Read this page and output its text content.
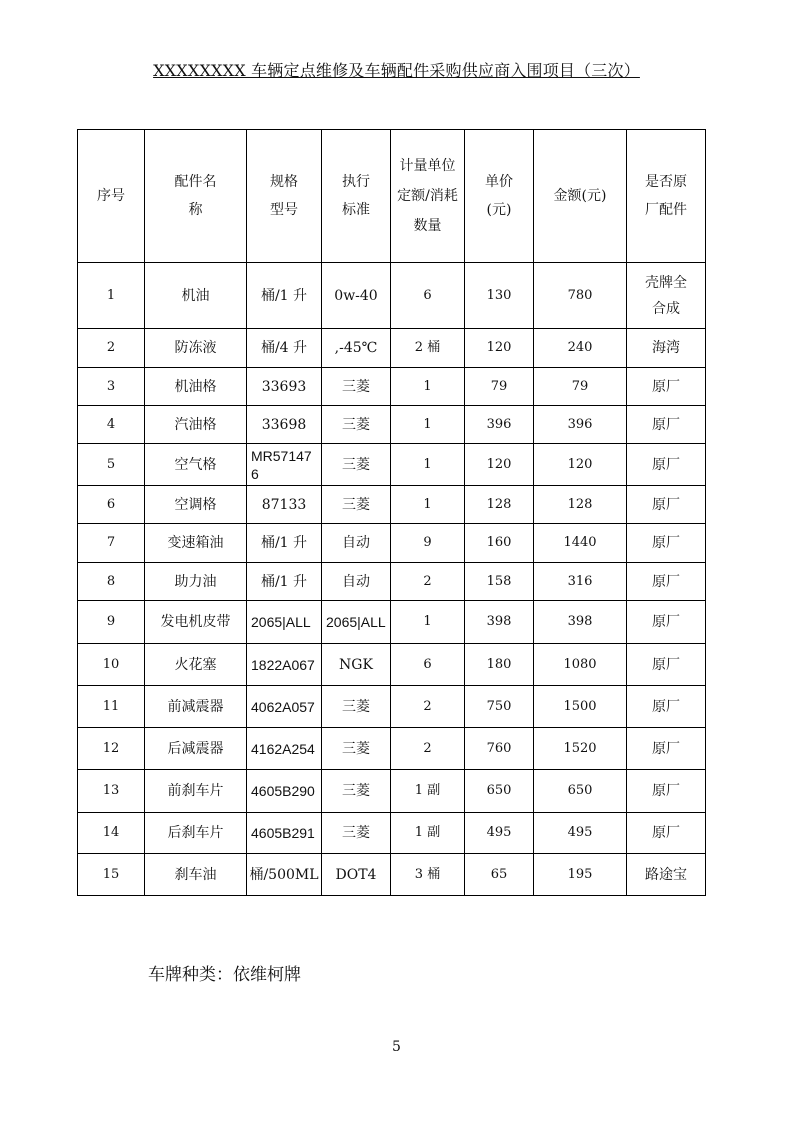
XXXXXXXX 车辆定点维修及车辆配件采购供应商入围项目（三次）
序号	配件名称	规格型号	执行标准	计量单位定额/消耗数量	单价(元)	金额(元)	是否原厂配件
1	机油	桶/1 升	0w-40	6	130	780	壳牌全合成
2	防冻液	桶/4 升	,-45℃	2 桶	120	240	海湾
3	机油格	33693	三菱	1	79	79	原厂
4	汽油格	33698	三菱	1	396	396	原厂
5	空气格	MR571476	三菱	1	120	120	原厂
6	空调格	87133	三菱	1	128	128	原厂
7	变速箱油	桶/1 升	自动	9	160	1440	原厂
8	助力油	桶/1 升	自动	2	158	316	原厂
9	发电机皮带	2065|ALL	2065|ALL	1	398	398	原厂
10	火花塞	1822A067	NGK	6	180	1080	原厂
11	前减震器	4062A057	三菱	2	750	1500	原厂
12	后减震器	4162A254	三菱	2	760	1520	原厂
13	前刹车片	4605B290	三菱	1 副	650	650	原厂
14	后刹车片	4605B291	三菱	1 副	495	495	原厂
15	刹车油	桶/500ML	DOT4	3 桶	65	195	路途宝
车牌种类：依维柯牌
5
